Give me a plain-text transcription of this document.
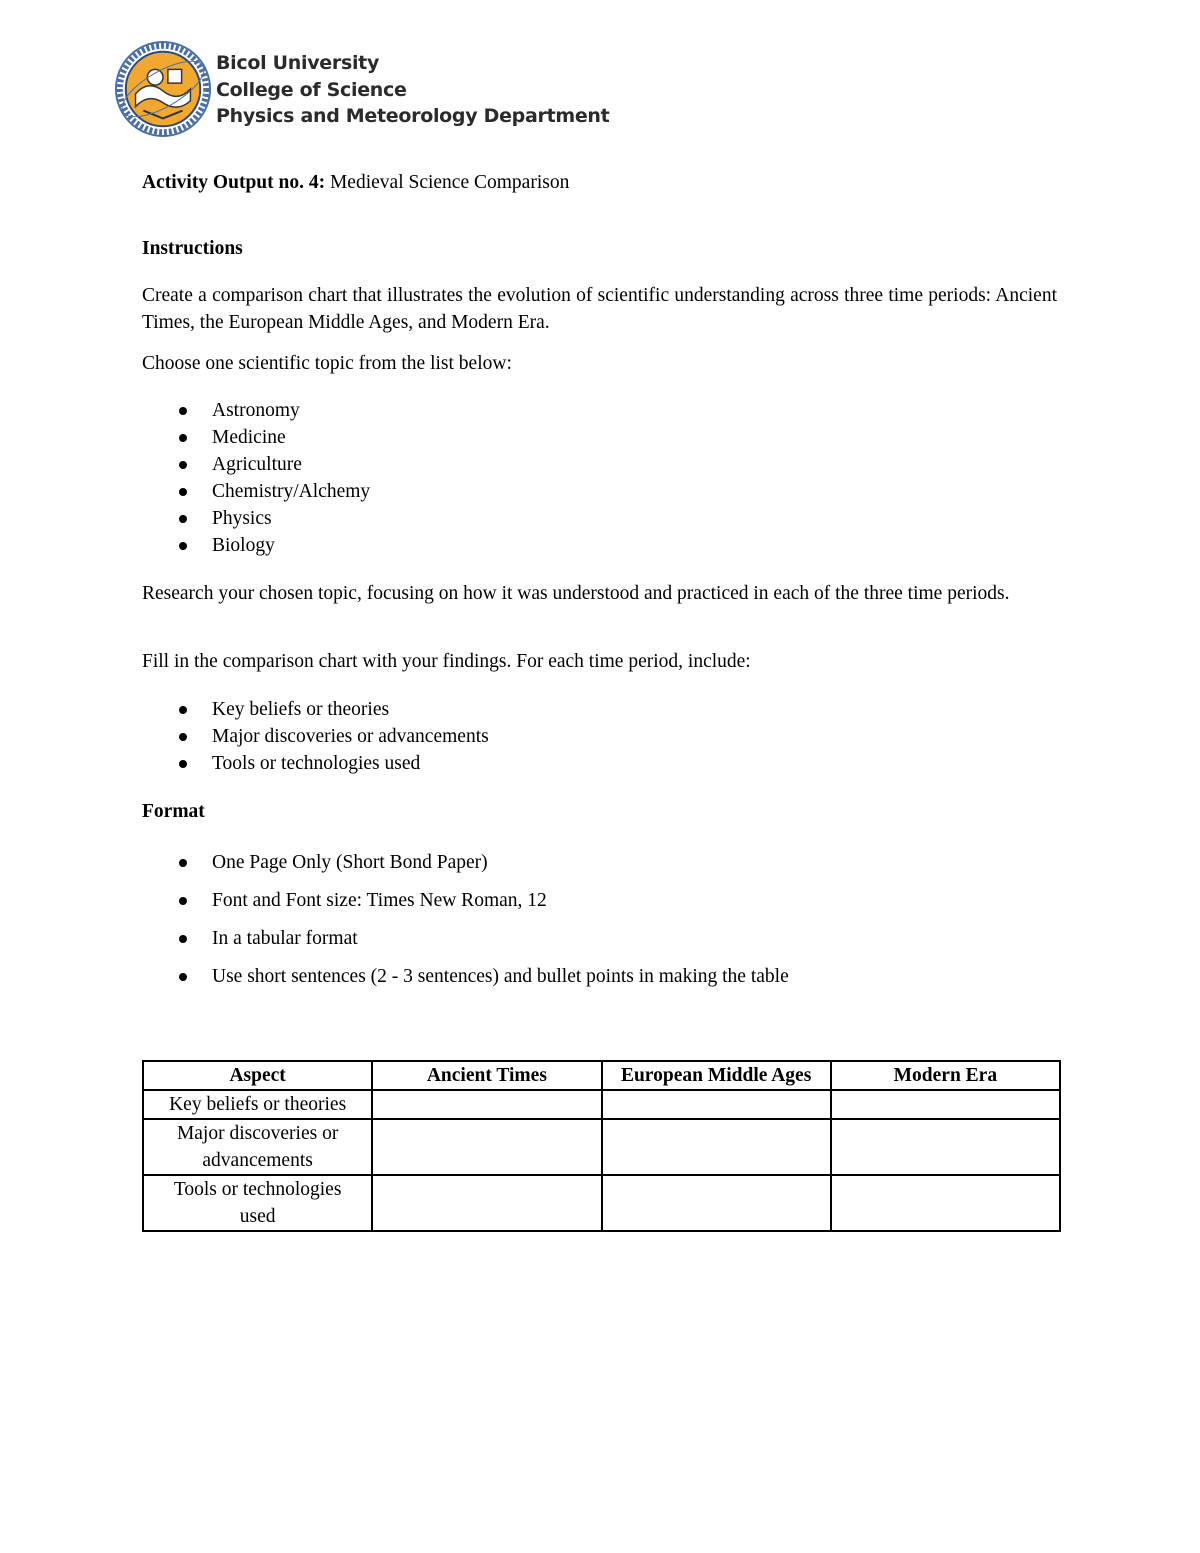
Bicol University
College of Science
Physics and Meteorology Department

Activity Output no. 4: Medieval Science Comparison

Instructions

Create a comparison chart that illustrates the evolution of scientific understanding across three time periods: Ancient Times, the European Middle Ages, and Modern Era.

Choose one scientific topic from the list below:

Astronomy
Medicine
Agriculture
Chemistry/Alchemy
Physics
Biology

Research your chosen topic, focusing on how it was understood and practiced in each of the three time periods.

Fill in the comparison chart with your findings. For each time period, include:

Key beliefs or theories
Major discoveries or advancements
Tools or technologies used

Format

One Page Only (Short Bond Paper)
Font and Font size: Times New Roman, 12
In a tabular format
Use short sentences (2 - 3 sentences) and bullet points in making the table
Aspect	Ancient Times	European Middle Ages	Modern Era
Key beliefs or theories			
Major discoveries or advancements			
Tools or technologies used			
